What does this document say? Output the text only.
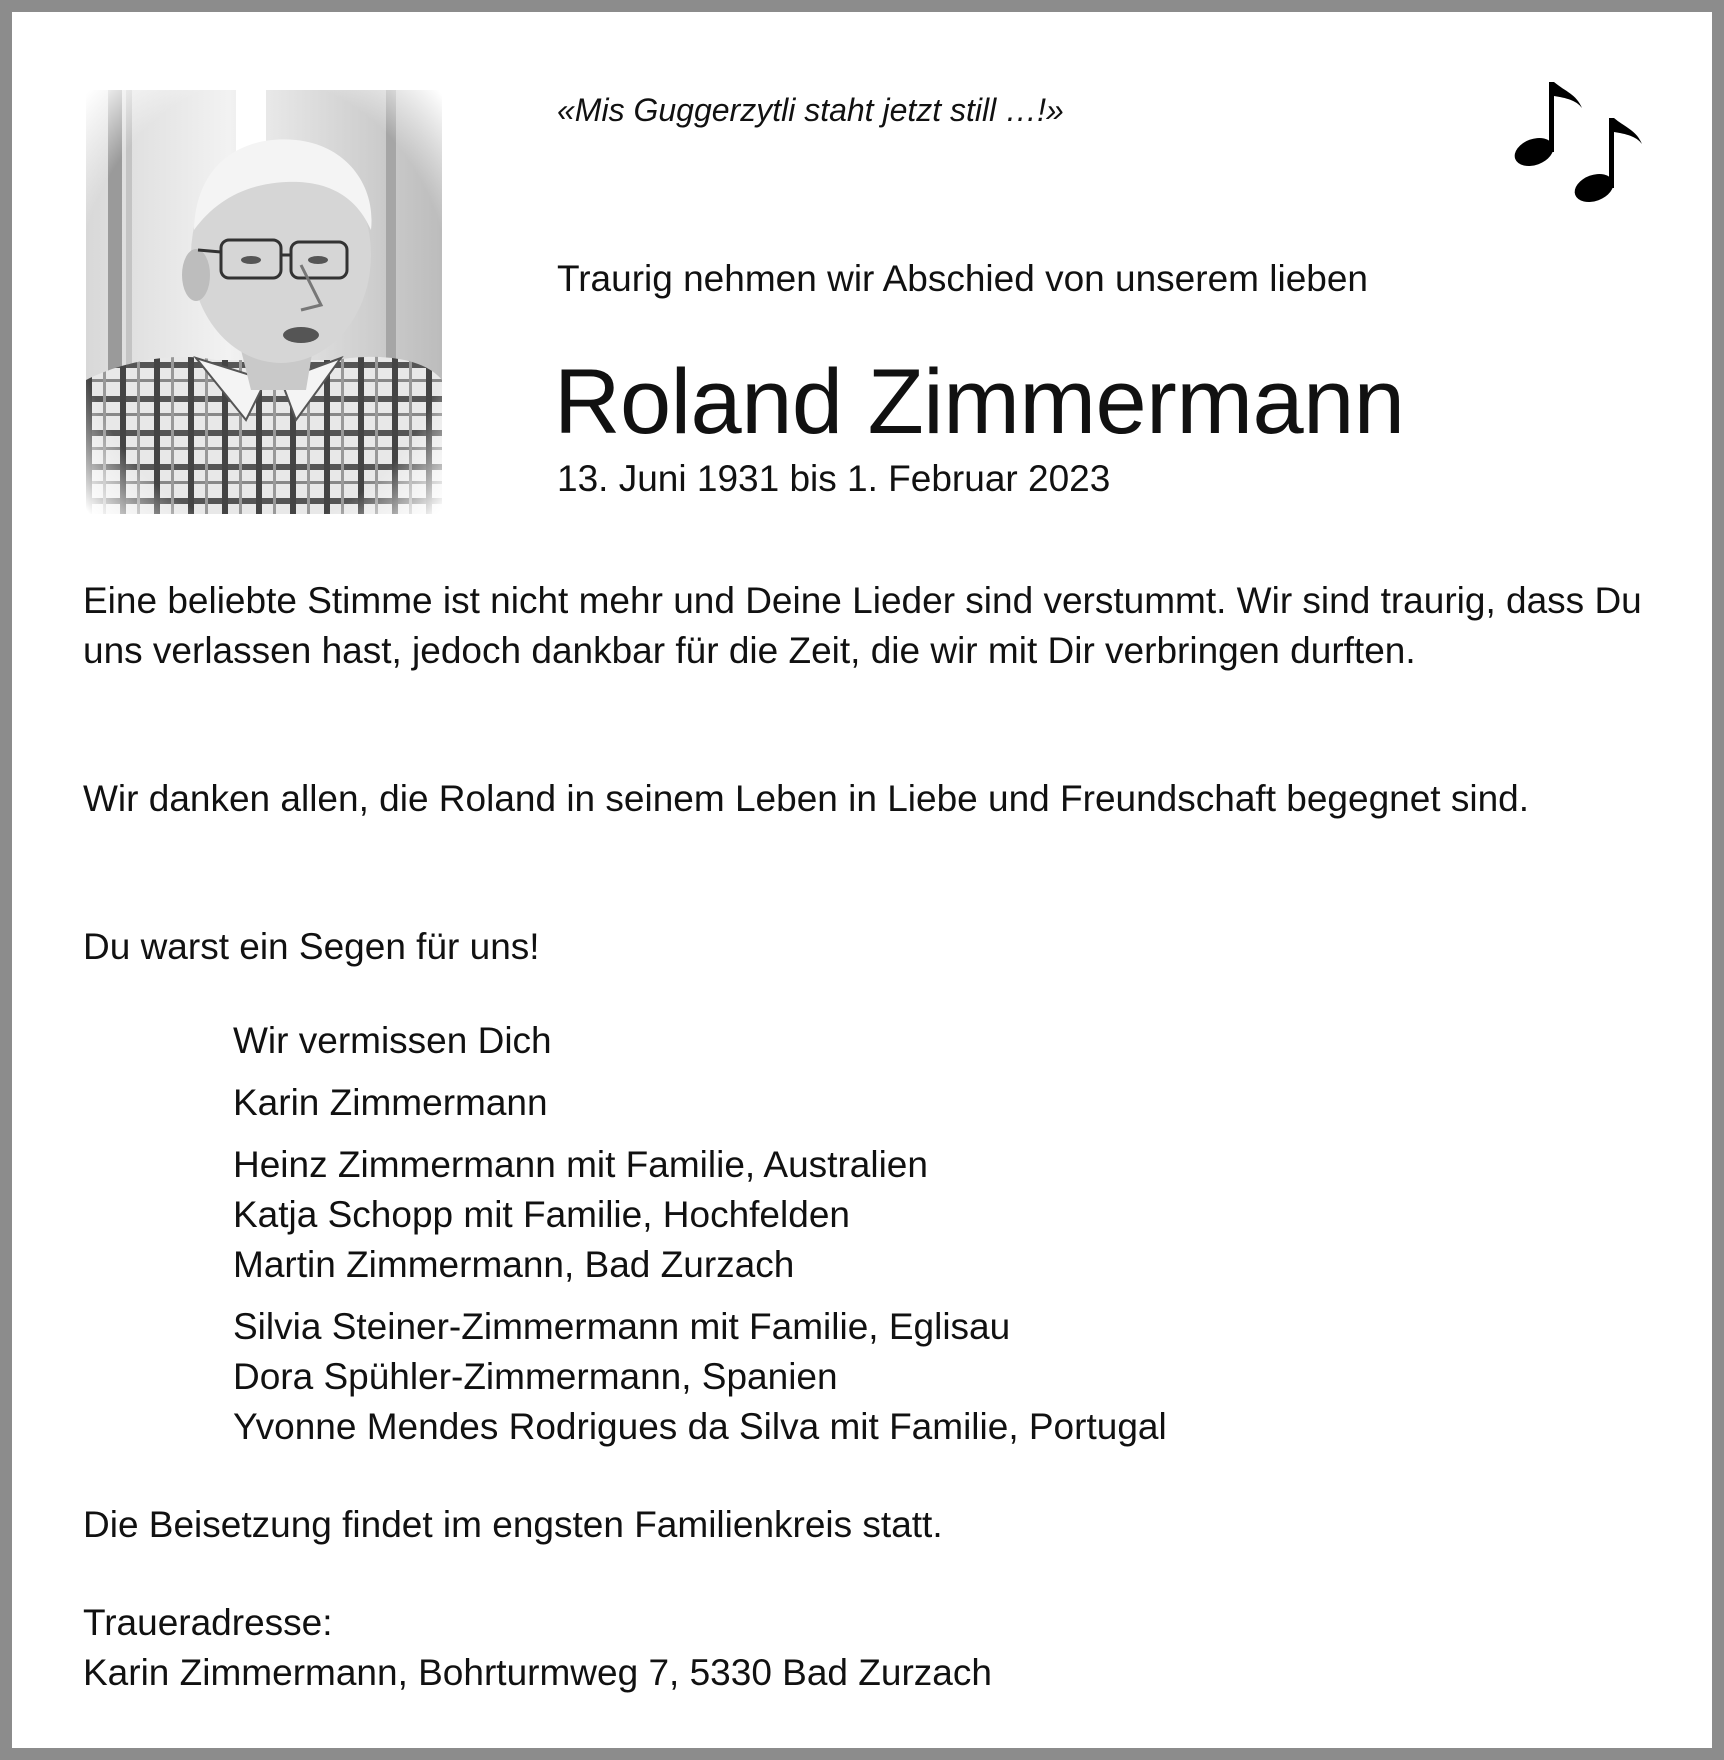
«Mis Guggerzytli staht jetzt still …!»

Traurig nehmen wir Abschied von unserem lieben

Roland Zimmermann

13. Juni 1931 bis 1. Februar 2023

Eine beliebte Stimme ist nicht mehr und Deine Lieder sind verstummt. Wir sind traurig, dass Du uns verlassen hast, jedoch dankbar für die Zeit, die wir mit Dir verbringen durften.

Wir danken allen, die Roland in seinem Leben in Liebe und Freundschaft begegnet sind.

Du warst ein Segen für uns!

Wir vermissen Dich
Karin Zimmermann
Heinz Zimmermann mit Familie, Australien
Katja Schopp mit Familie, Hochfelden
Martin Zimmermann, Bad Zurzach
Silvia Steiner-Zimmermann mit Familie, Eglisau
Dora Spühler-Zimmermann, Spanien
Yvonne Mendes Rodrigues da Silva mit Familie, Portugal

Die Beisetzung findet im engsten Familienkreis statt.

Traueradresse:
Karin Zimmermann, Bohrturmweg 7, 5330 Bad Zurzach
